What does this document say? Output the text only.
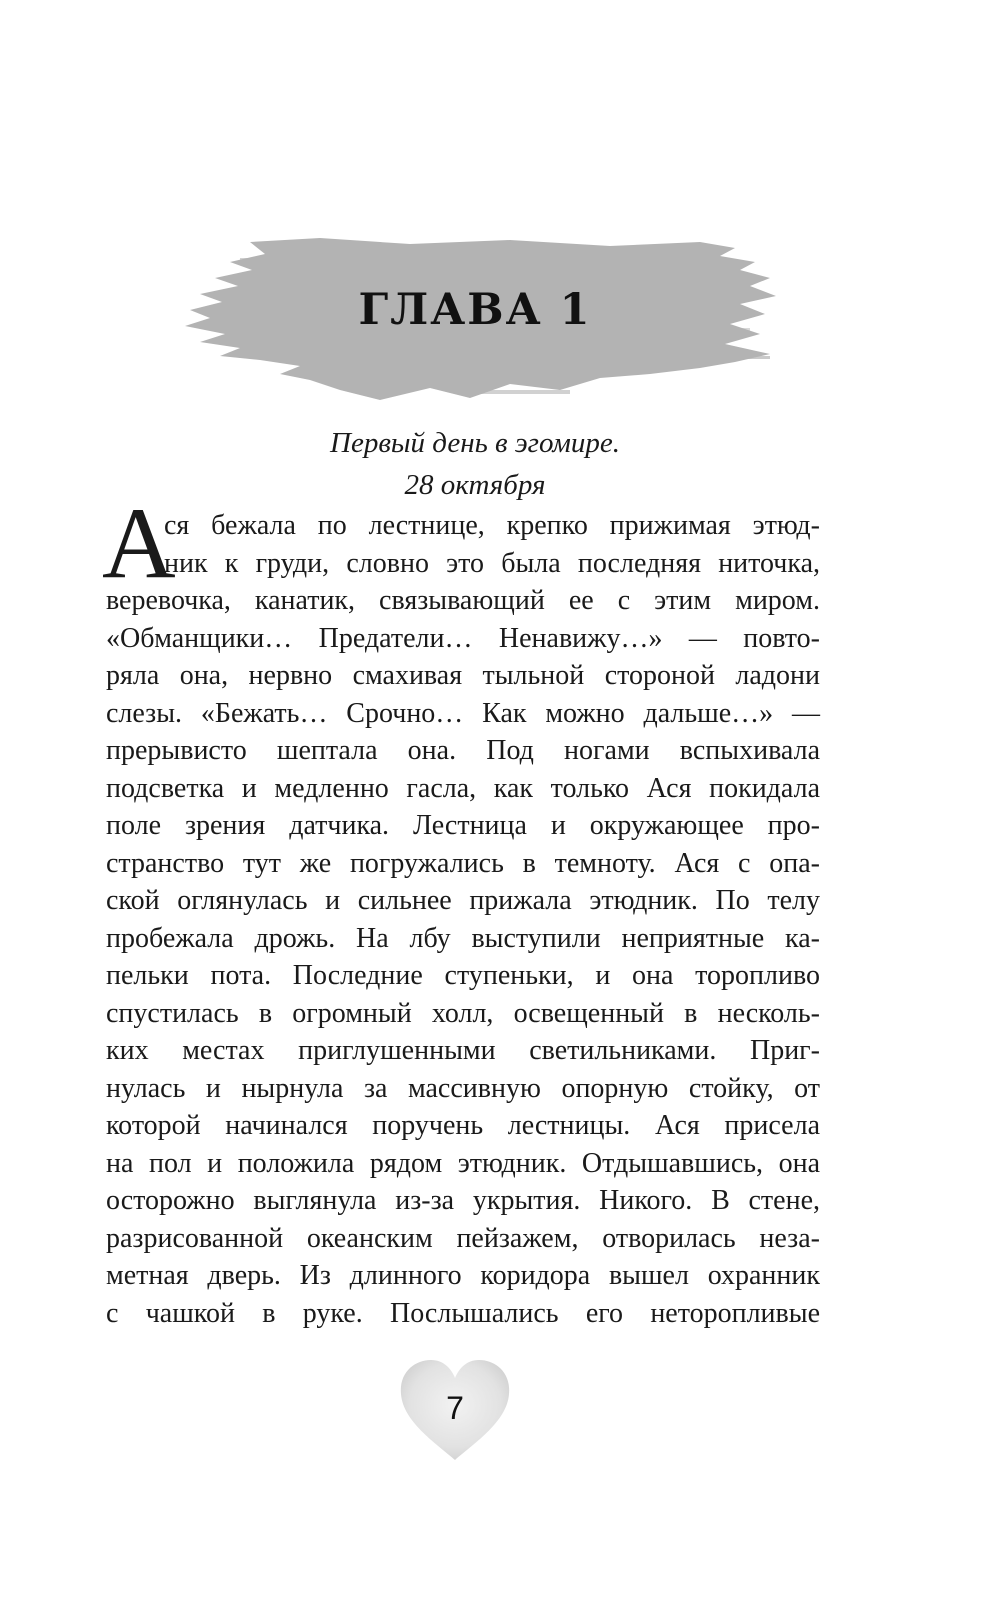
ГЛАВА 1
Первый день в эгомире.
28 октября
А
ся бежала по лестнице, крепко прижимая этюд-
ник к груди, словно это была последняя ниточка,
веревочка, канатик, связывающий ее с этим миром.
«Обманщики… Предатели… Ненавижу…» — повто-
ряла она, нервно смахивая тыльной стороной ладони
слезы. «Бежать… Срочно… Как можно дальше…» —
прерывисто шептала она. Под ногами вспыхивала
подсветка и медленно гасла, как только Ася покидала
поле зрения датчика. Лестница и окружающее про-
странство тут же погружались в темноту. Ася с опа-
ской оглянулась и сильнее прижала этюдник. По телу
пробежала дрожь. На лбу выступили неприятные ка-
пельки пота. Последние ступеньки, и она торопливо
спустилась в огромный холл, освещенный в несколь-
ких местах приглушенными светильниками. Приг-
нулась и нырнула за массивную опорную стойку, от
которой начинался поручень лестницы. Ася присела
на пол и положила рядом этюдник. Отдышавшись, она
осторожно выглянула из-за укрытия. Никого. В стене,
разрисованной океанским пейзажем, отворилась неза-
метная дверь. Из длинного коридора вышел охранник
с чашкой в руке. Послышались его неторопливые
7
